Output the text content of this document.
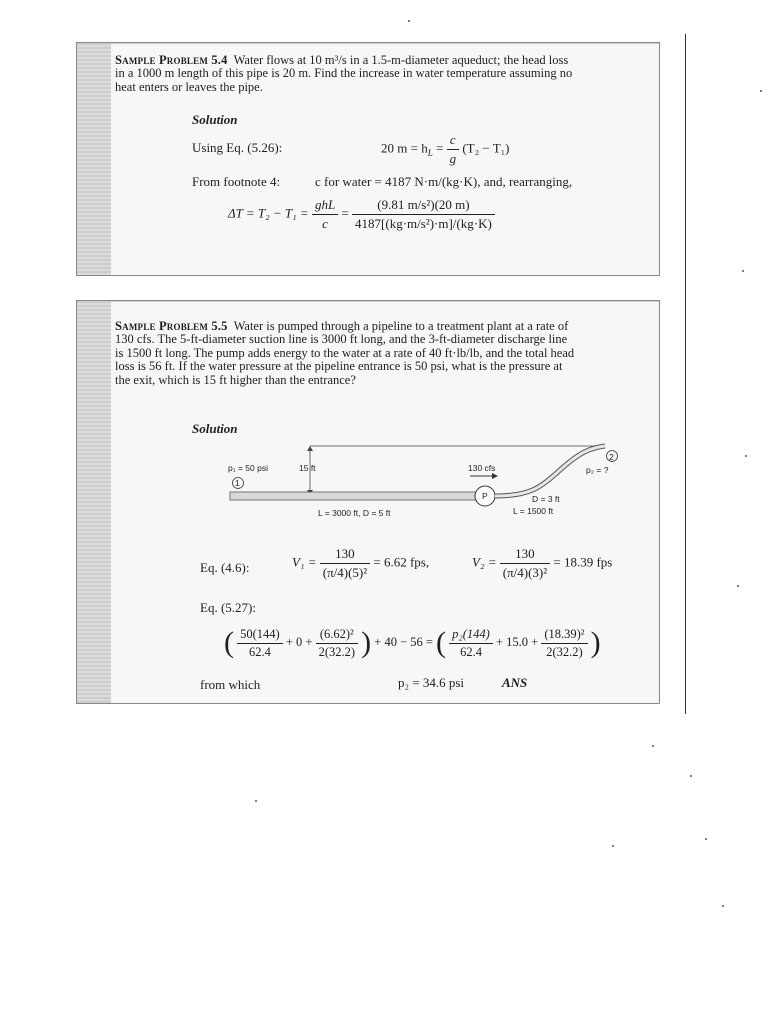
Sample Problem 5.4 Water flows at 10 m³/s in a 1.5-m-diameter aqueduct; the head loss in a 1000 m length of this pipe is 20 m. Find the increase in water temperature assuming no heat enters or leaves the pipe.
Solution
Using Eq. (5.26):	20 $m = h_L = \frac{c}{g} (T_2 - T_1)$
From footnote 4:	c for water = 4187 N·m/(kg·K), and, rearranging,
$\Delta T = T_2 - T_1 = \frac{\text{ghL}}{c} = \frac{\text{(9.81 m/s²)(20 m)}}{\text{4187[(kg·m/s²)·m]/(kg·K)}}$
Sample Problem 5.5 Water is pumped through a pipeline to a treatment plant at a rate of 130 cfs. The 5-ft-diameter suction line is 3000 ft long, and the 3-ft-diameter discharge line is 1500 ft long. The pump adds energy to the water at a rate of 40 ft·lb/lb, and the total head loss is 56 ft. If the water pressure at the pipeline entrance is 50 psi, what is the pressure at the exit, which is 15 ft higher than the entrance?
Solution
p₁ = 50 psi
1
15 ft	130 cfs
P
2
p₂ = ?
D = 3 ft
L = 3000 ft, D = 5 ft	L = 1500 ft
Eq. (4.6):	$V_1 = \frac{130}{\text{(π/4)(5)²}} = 6.62$ fps,	$V_2 = \frac{130}{\text{(π/4)(3)²}} = 18.39$ fps
Eq. (5.27):
( $\frac{50(144)}{62.4} + 0 + \frac{\text{(6.62)²}}{2(32.2)}$ ) + 40 − 56 = ( $\frac{\text{p₂(144)}}{62.4} + 15.0 + \frac{\text{(18.39)²}}{2(32.2)}$ )
from which	p₂ = 34.6 psi	ANS
